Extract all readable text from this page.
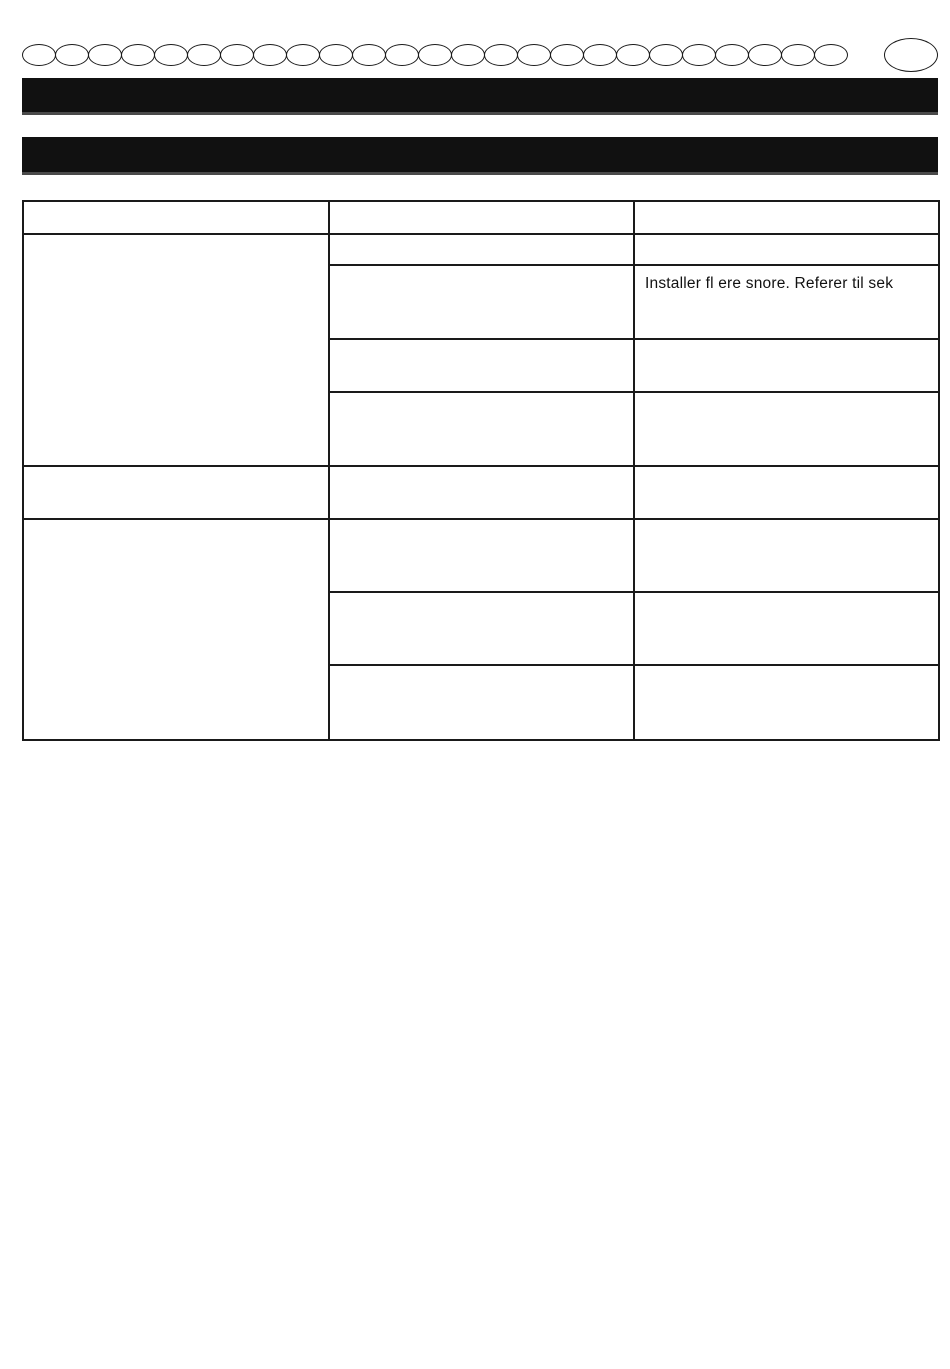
		Installer fl ere snore. Referer til sek
